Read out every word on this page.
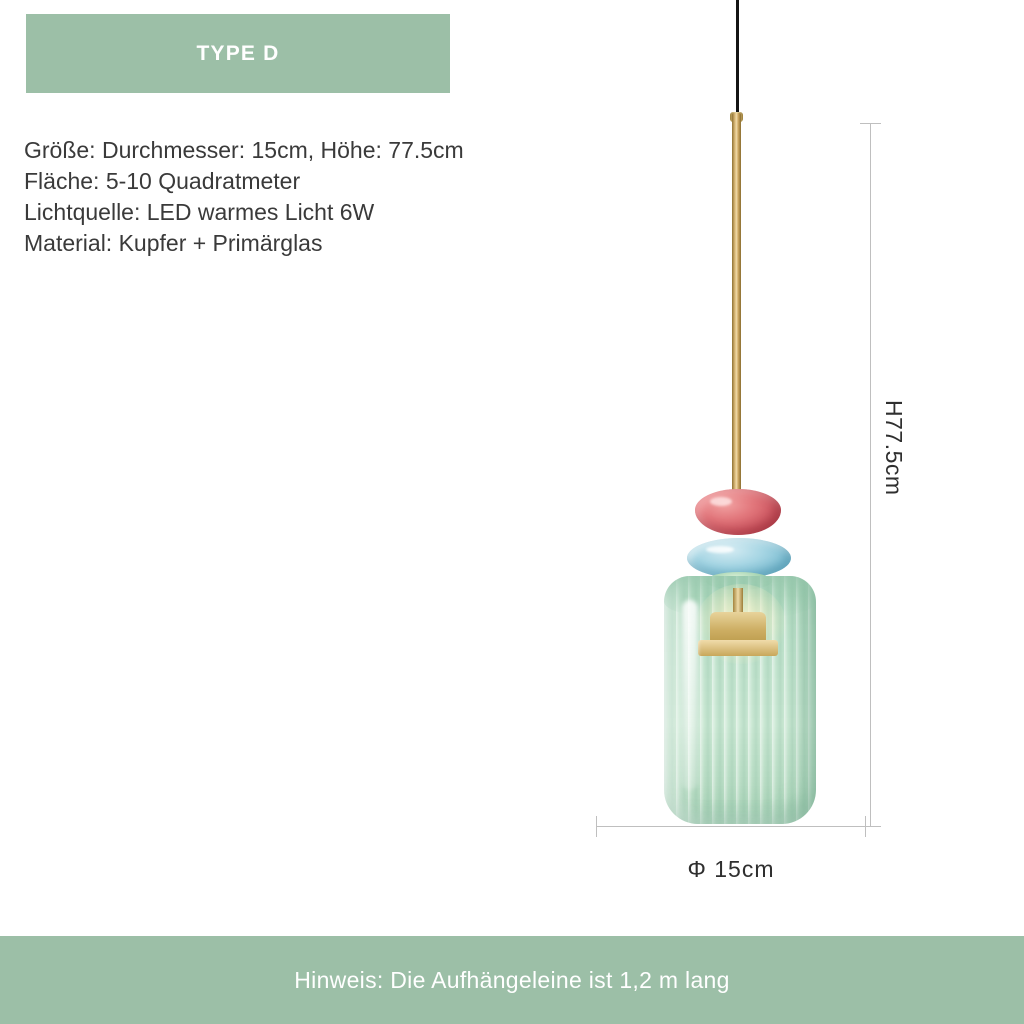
TYPE D
Größe: Durchmesser: 15cm, Höhe: 77.5cm
Fläche: 5-10 Quadratmeter
Lichtquelle: LED warmes Licht 6W
Material: Kupfer + Primärglas
H77.5cm
Φ 15cm
Hinweis: Die Aufhängeleine ist 1,2 m lang
